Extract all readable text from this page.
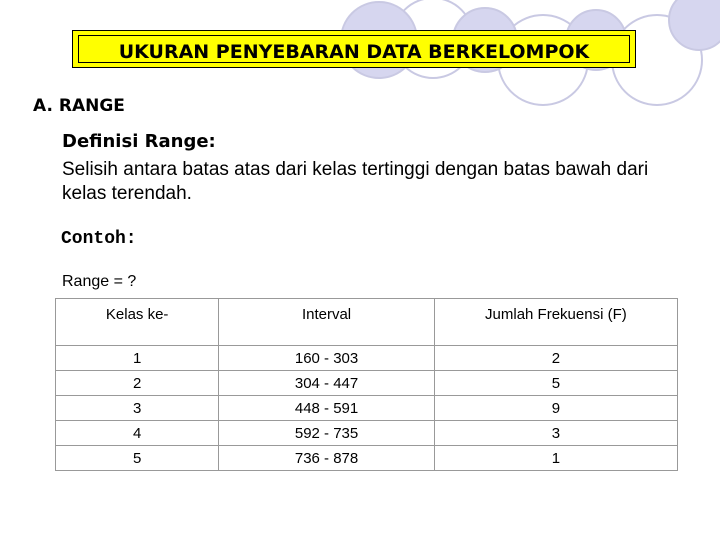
UKURAN PENYEBARAN DATA BERKELOMPOK
A. RANGE
Definisi Range:
Selisih antara batas atas dari kelas tertinggi dengan batas bawah dari kelas terendah.
Contoh:
Range = ?
Kelas ke-	Interval	Jumlah Frekuensi (F)
1	160 - 303	2
2	304 - 447	5
3	448 - 591	9
4	592 - 735	3
5	736 - 878	1
